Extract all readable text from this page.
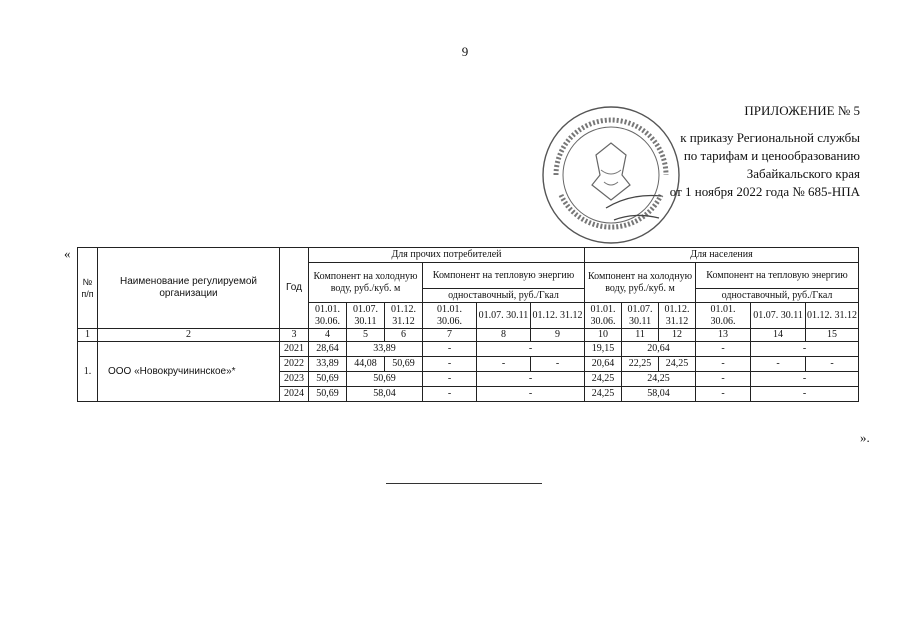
9
ПРИЛОЖЕНИЕ № 5
к приказу Региональной службы
по тарифам и ценообразованию
Забайкальского края
от 1 ноября 2022 года № 685-НПА
«
».
№ п/п	Наименование регулируемой организации	Год	Для прочих потребителей						Для населения					
			Компонент на холодную воду, руб./куб. м			Компонент на тепловую энергию			Компонент на холодную воду, руб./куб. м			Компонент на тепловую энергию		
						одноставочный, руб./Гкал						одноставочный, руб./Гкал		
			01.01. 30.06.	01.07. 30.11	01.12. 31.12	01.01. 30.06.	01.07. 30.11	01.12. 31.12	01.01. 30.06.	01.07. 30.11	01.12. 31.12	01.01. 30.06.	01.07. 30.11	01.12. 31.12
1	2	3	4	5	6	7	8	9	10	11	12	13	14	15
1.	ООО «Новокручининское»*	2021	28,64	33,89		-	-		19,15	20,64		-	-	
		2022	33,89	44,08	50,69	-	-	-	20,64	22,25	24,25	-	-	-
		2023	50,69	50,69		-	-		24,25	24,25		-	-	
		2024	50,69	58,04		-	-		24,25	58,04		-	-	
